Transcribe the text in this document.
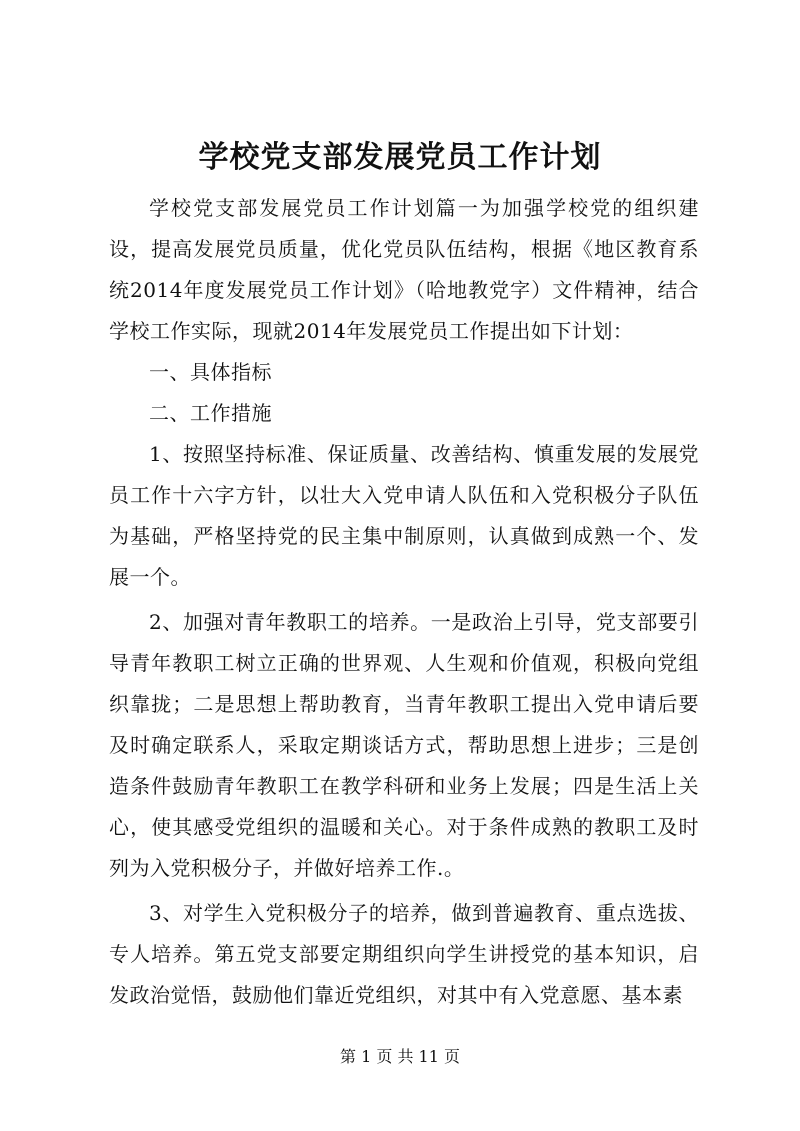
学校党支部发展党员工作计划

学校党支部发展党员工作计划篇一为加强学校党的组织建设，提高发展党员质量，优化党员队伍结构，根据《地区教育系统2014年度发展党员工作计划》（哈地教党字）文件精神，结合学校工作实际，现就2014年发展党员工作提出如下计划：

一、具体指标

二、工作措施

1、按照坚持标准、保证质量、改善结构、慎重发展的发展党员工作十六字方针，以壮大入党申请人队伍和入党积极分子队伍为基础，严格坚持党的民主集中制原则，认真做到成熟一个、发展一个。

2、加强对青年教职工的培养。一是政治上引导，党支部要引导青年教职工树立正确的世界观、人生观和价值观，积极向党组织靠拢；二是思想上帮助教育，当青年教职工提出入党申请后要及时确定联系人，采取定期谈话方式，帮助思想上进步；三是创造条件鼓励青年教职工在教学科研和业务上发展；四是生活上关心，使其感受党组织的温暖和关心。对于条件成熟的教职工及时列为入党积极分子，并做好培养工作.。

3、对学生入党积极分子的培养，做到普遍教育、重点选拔、专人培养。第五党支部要定期组织向学生讲授党的基本知识，启发政治觉悟，鼓励他们靠近党组织，对其中有入党意愿、基本素

第 1 页 共 11 页
